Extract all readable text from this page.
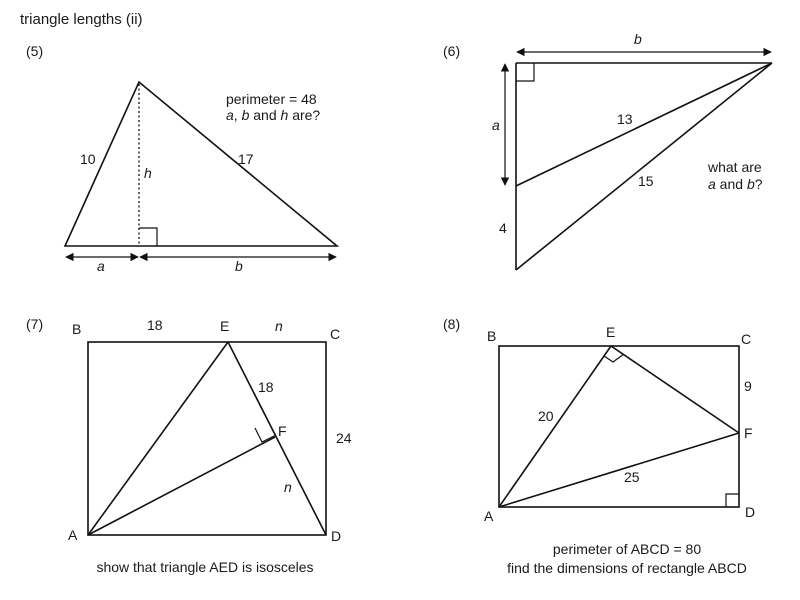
triangle lengths (ii)
(5)
10	17
h
a	b
perimeter = 48
a, b and h are?
(6)
b
a
4
13
15
what are
a and b?
(7) B	E	C
F
A	D
18	n
18
n
24
show that triangle AED is isosceles
(8)
B	E	C
F
A	D
20
25
9
perimeter of ABCD = 80
find the dimensions of rectangle ABCD
